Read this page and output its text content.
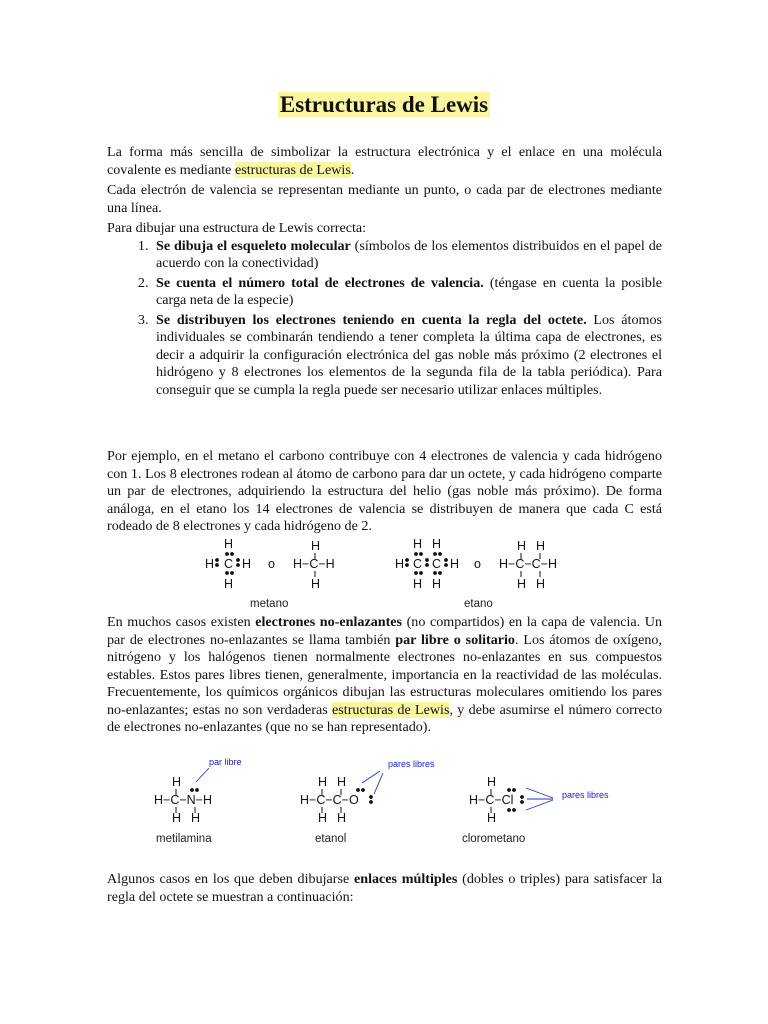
Estructuras de Lewis
La forma más sencilla de simbolizar la estructura electrónica y el enlace en una molécula covalente es mediante estructuras de Lewis.
Cada electrón de valencia se representan mediante un punto, o cada par de electrones mediante una línea.
Para dibujar una estructura de Lewis correcta:
1. Se dibuja el esqueleto molecular (símbolos de los elementos distribuidos en el papel de acuerdo con la conectividad)
2. Se cuenta el número total de electrones de valencia. (téngase en cuenta la posible carga neta de la especie)
3. Se distribuyen los electrones teniendo en cuenta la regla del octete. Los átomos individuales se combinarán tendiendo a tener completa la última capa de electrones, es decir a adquirir la configuración electrónica del gas noble más próximo (2 electrones el hidrógeno y 8 electrones los elementos de la segunda fila de la tabla periódica). Para conseguir que se cumpla la regla puede ser necesario utilizar enlaces múltiples.
Por ejemplo, en el metano el carbono contribuye con 4 electrones de valencia y cada hidrógeno con 1. Los 8 electrones rodean al átomo de carbono para dar un octete, y cada hidrógeno comparte un par de electrones, adquiriendo la estructura del helio (gas noble más próximo). De forma análoga, en el etano los 14 electrones de valencia se distribuyen de manera que cada C está rodeado de 8 electrones y cada hidrógeno de 2.
H
H C H
H
o
H
H−C−H
H
metano
H H
H C C H
H H
o
H H
H−C−C−H
H H
etano
En muchos casos existen electrones no-enlazantes (no compartidos) en la capa de valencia. Un par de electrones no-enlazantes se llama también par libre o solitario. Los átomos de oxígeno, nitrógeno y los halógenos tienen normalmente electrones no-enlazantes en sus compuestos estables. Estos pares libres tienen, generalmente, importancia en la reactividad de las moléculas. Frecuentemente, los químicos orgánicos dibujan las estructuras moleculares omitiendo los pares no-enlazantes; estas no son verdaderas estructuras de Lewis, y debe asumirse el número correcto de electrones no-enlazantes (que no se han representado).
par libre
H
H−C−N−H
H H
metilamina
pares libres
H H
H−C−C−O
H H
etanol
H
H−C−Cl
H
pares libres
clorometano
Algunos casos en los que deben dibujarse enlaces múltiples (dobles o triples) para satisfacer la regla del octete se muestran a continuación:
